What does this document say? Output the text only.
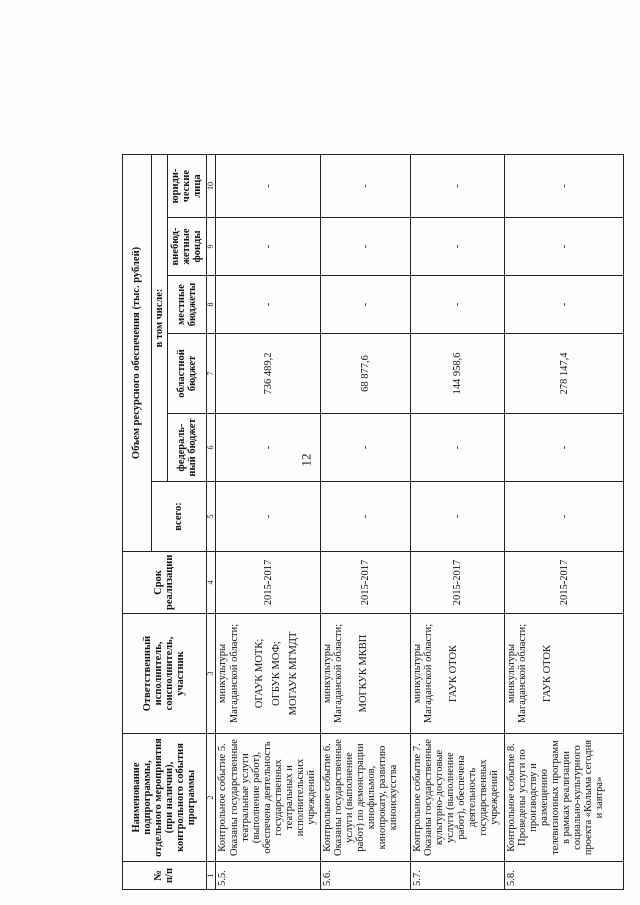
12
№ п/п	Наименование подпрограммы, отдельного мероприятия (при наличии), контрольного события программы	Ответственный исполнитель, соисполнитель, участник	Срок реализации	Объем ресурсного обеспечения (тыс. рублей)					
				всего:	в том числе:				
					федераль-ный бюджет	областной бюджет	местные бюджеты	внебюд-жетные фонды	юриди-ческие лица
1	2	3	4	5	6	7	8	9	10
5.5.	Контрольное событие 5. Оказаны государственные театральные услуги (выполнение работ), обеспечена деятельность государственных театральных и исполнительских учреждений	минкультуры Магаданской области; ОГАУК МОТК; ОГБУК МОФ; МОГАУК МГМДТ	2015-2017	-	-	736 489,2	-	-	-
5.6.	Контрольное событие 6. Оказаны государственные услуги (выполнение работ) по демонстрации кинофильмов, кинопрокату, развитию киноискусства	минкультуры Магаданской области; МОГКУК МКВП	2015-2017	-	-	68 877,6	-	-	-
5.7.	Контрольное событие 7. Оказаны государственные культурно-досуговые услуги (выполнение работ), обеспечена деятельность государственных учреждений	минкультуры Магаданской области; ГАУК ОТОК	2015-2017	-	-	144 958,6	-	-	-
5.8.	Контрольное событие 8. Проведены услуги по производству и размещению телевизионных программ в рамках реализации социально-культурного проекта «Колыма сегодня и завтра»	минкультуры Магаданской области; ГАУК ОТОК	2015-2017	-	-	278 147,4	-	-	-
